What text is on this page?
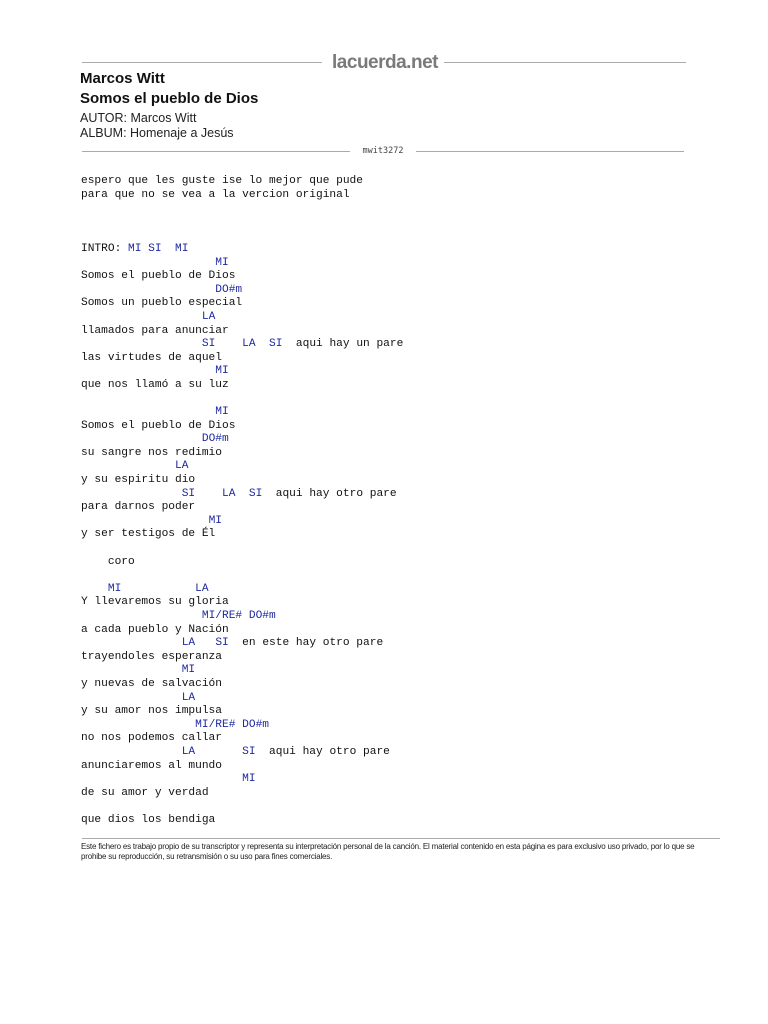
lacuerda.net
Marcos Witt
Somos el pueblo de Dios
AUTOR: Marcos Witt
ALBUM: Homenaje a Jesús
mwit3272
espero que les guste ise lo mejor que pude
para que no se vea a la vercion original
INTRO: MI SI  MI
MI
Somos el pueblo de Dios
DO#m
Somos un pueblo especial
LA
llamados para anunciar
SI LA SI  aqui hay un pare
las virtudes de aquel
MI
que nos llamó a su luz
MI
Somos el pueblo de Dios
DO#m
su sangre nos redimio
LA
y su espiritu dio
SI LA SI  aqui hay otro pare
para darnos poder
MI
y ser testigos de Él
coro
MI	LA
Y llevaremos su gloria
MI/RE# DO#m
a cada pueblo y Nación
LA SI  en este hay otro pare
trayendoles esperanza
MI
y nuevas de salvación
LA
y su amor nos impulsa
MI/RE# DO#m
no nos podemos callar
LA	SI  aqui hay otro pare
anunciaremos al mundo
MI
de su amor y verdad
que dios los bendiga
Este fichero es trabajo propio de su transcriptor y representa su interpretación personal de la canción. El material contenido en esta página es para exclusivo uso privado, por lo que se prohibe su reproducción, su retransmisión o su uso para fines comerciales.
